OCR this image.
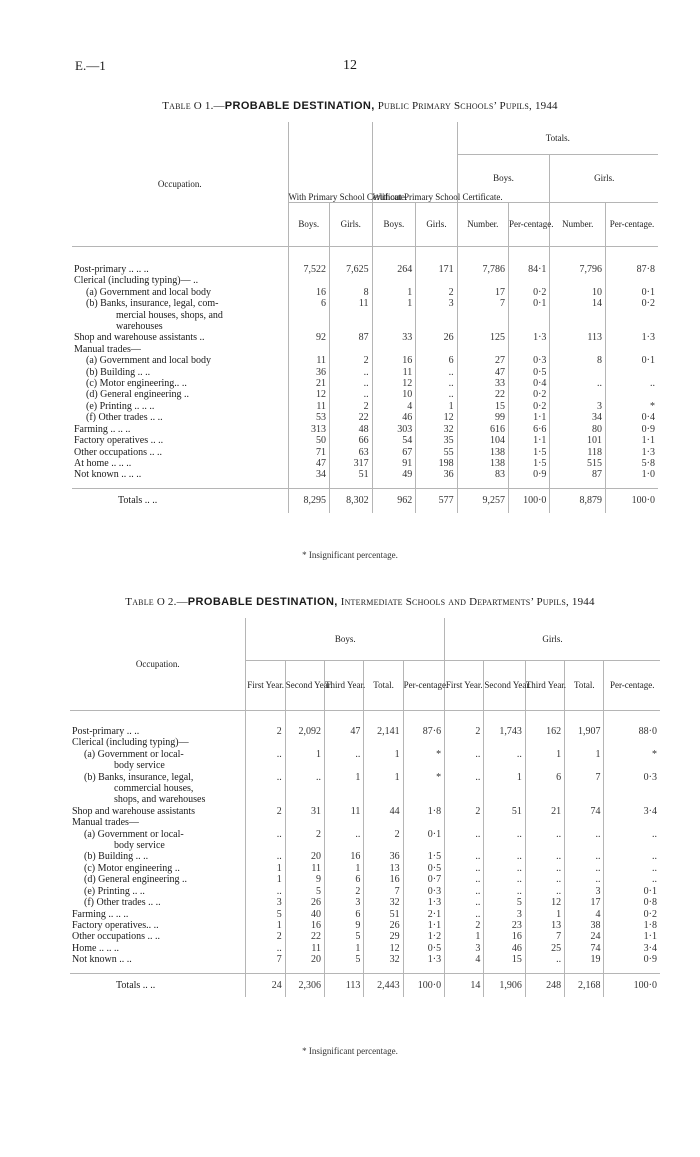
E.—1	12
Table O 1.—PROBABLE DESTINATION, Public Primary Schools’ Pupils, 1944
Occupation.	With Primary School Certificate.		Without Primary School Certificate.		Totals.			
					Boys.		Girls.	
	Boys.	Girls.	Boys.	Girls.	Number.	Per-centage.	Number.	Per-centage.

Post-primary .. .. ..	7,522	7,625	264	171	7,786	84·1	7,796	87·8
Clerical (including typing)— ..								
(a) Government and local body	16	8	1	2	17	0·2	10	0·1
(b) Banks, insurance, legal, com-	6	11	1	3	7	0·1	14	0·2
mercial houses, shops, and								
warehouses								
Shop and warehouse assistants ..	92	87	33	26	125	1·3	113	1·3
Manual trades—								
(a) Government and local body	11	2	16	6	27	0·3	8	0·1
(b) Building .. ..	36	..	11	..	47	0·5		
(c) Motor engineering.. ..	21	..	12	..	33	0·4	..	..
(d) General engineering ..	12	..	10	..	22	0·2		
(e) Printing .. .. ..	11	2	4	1	15	0·2	3	*
(f) Other trades .. ..	53	22	46	12	99	1·1	34	0·4
Farming .. .. ..	313	48	303	32	616	6·6	80	0·9
Factory operatives .. ..	50	66	54	35	104	1·1	101	1·1
Other occupations .. ..	71	63	67	55	138	1·5	118	1·3
At home .. .. ..	47	317	91	198	138	1·5	515	5·8
Not known .. .. ..	34	51	49	36	83	0·9	87	1·0

Totals .. ..	8,295	8,302	962	577	9,257	100·0	8,879	100·0
* Insignificant percentage.
Table O 2.—PROBABLE DESTINATION, Intermediate Schools and Departments’ Pupils, 1944
Occupation.	Boys.					Girls.				
	First Year.	Second Year.	Third Year.	Total.	Per-centage.	First Year.	Second Year.	Third Year.	Total.	Per-centage.

Post-primary .. ..	2	2,092	47	2,141	87·6	2	1,743	162	1,907	88·0
Clerical (including typing)—										
(a) Government or local-	..	1	..	1	*	..	..	1	1	*
body service										
(b) Banks, insurance, legal,	..	..	1	1	*	..	1	6	7	0·3
commercial houses,										
shops, and warehouses										
Shop and warehouse assistants	2	31	11	44	1·8	2	51	21	74	3·4
Manual trades—										
(a) Government or local-	..	2	..	2	0·1	..	..	..	..	..
body service										
(b) Building .. ..	..	20	16	36	1·5	..	..	..	..	..
(c) Motor engineering ..	1	11	1	13	0·5	..	..	..	..	..
(d) General engineering ..	1	9	6	16	0·7	..	..	..	..	..
(e) Printing .. ..	..	5	2	7	0·3	..	..	..	3	0·1
(f) Other trades .. ..	3	26	3	32	1·3	..	5	12	17	0·8
Farming .. .. ..	5	40	6	51	2·1	..	3	1	4	0·2
Factory operatives.. ..	1	16	9	26	1·1	2	23	13	38	1·8
Other occupations .. ..	2	22	5	29	1·2	1	16	7	24	1·1
Home .. .. ..	..	11	1	12	0·5	3	46	25	74	3·4
Not known .. ..	7	20	5	32	1·3	4	15	..	19	0·9

Totals .. ..	24	2,306	113	2,443	100·0	14	1,906	248	2,168	100·0
* Insignificant percentage.
